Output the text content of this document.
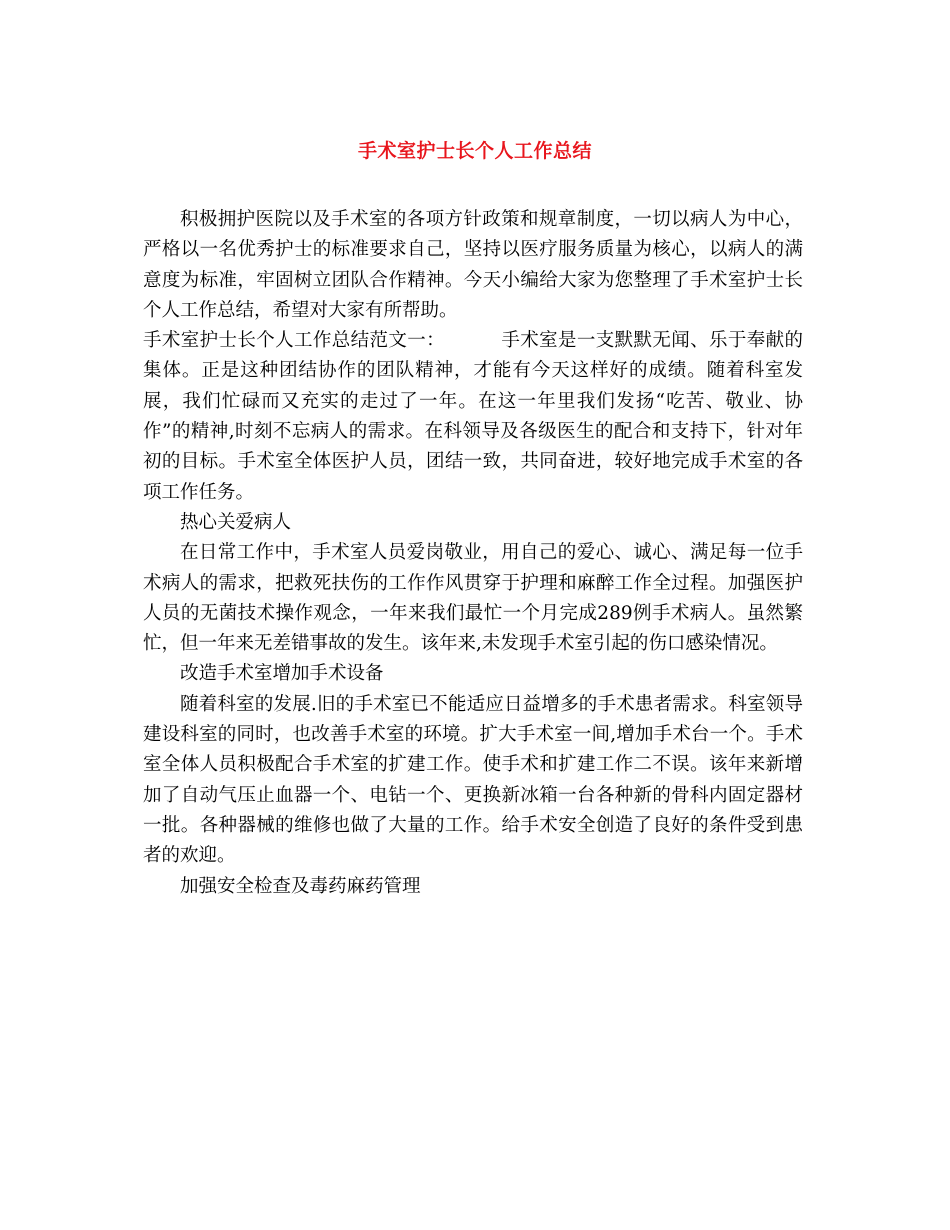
手术室护士长个人工作总结

积极拥护医院以及手术室的各项方针政策和规章制度，一切以病人为中心，严格以一名优秀护士的标准要求自己，坚持以医疗服务质量为核心，以病人的满意度为标准，牢固树立团队合作精神。今天小编给大家为您整理了手术室护士长个人工作总结，希望对大家有所帮助。

手术室护士长个人工作总结范文一：	手术室是一支默默无闻、乐于奉献的集体。正是这种团结协作的团队精神，才能有今天这样好的成绩。随着科室发展，我们忙碌而又充实的走过了一年。在这一年里我们发扬“吃苦、敬业、协作”的精神,时刻不忘病人的需求。在科领导及各级医生的配合和支持下，针对年初的目标。手术室全体医护人员，团结一致，共同奋进，较好地完成手术室的各项工作任务。

热心关爱病人

在日常工作中，手术室人员爱岗敬业，用自己的爱心、诚心、满足每一位手术病人的需求，把救死扶伤的工作作风贯穿于护理和麻醉工作全过程。加强医护人员的无菌技术操作观念，一年来我们最忙一个月完成289例手术病人。虽然繁忙，但一年来无差错事故的发生。该年来,未发现手术室引起的伤口感染情况。

改造手术室增加手术设备

随着科室的发展.旧的手术室已不能适应日益增多的手术患者需求。科室领导建设科室的同时，也改善手术室的环境。扩大手术室一间,增加手术台一个。手术室全体人员积极配合手术室的扩建工作。使手术和扩建工作二不误。该年来新增加了自动气压止血器一个、电钻一个、更换新冰箱一台各种新的骨科内固定器材一批。各种器械的维修也做了大量的工作。给手术安全创造了良好的条件受到患者的欢迎。

加强安全检查及毒药麻药管理
